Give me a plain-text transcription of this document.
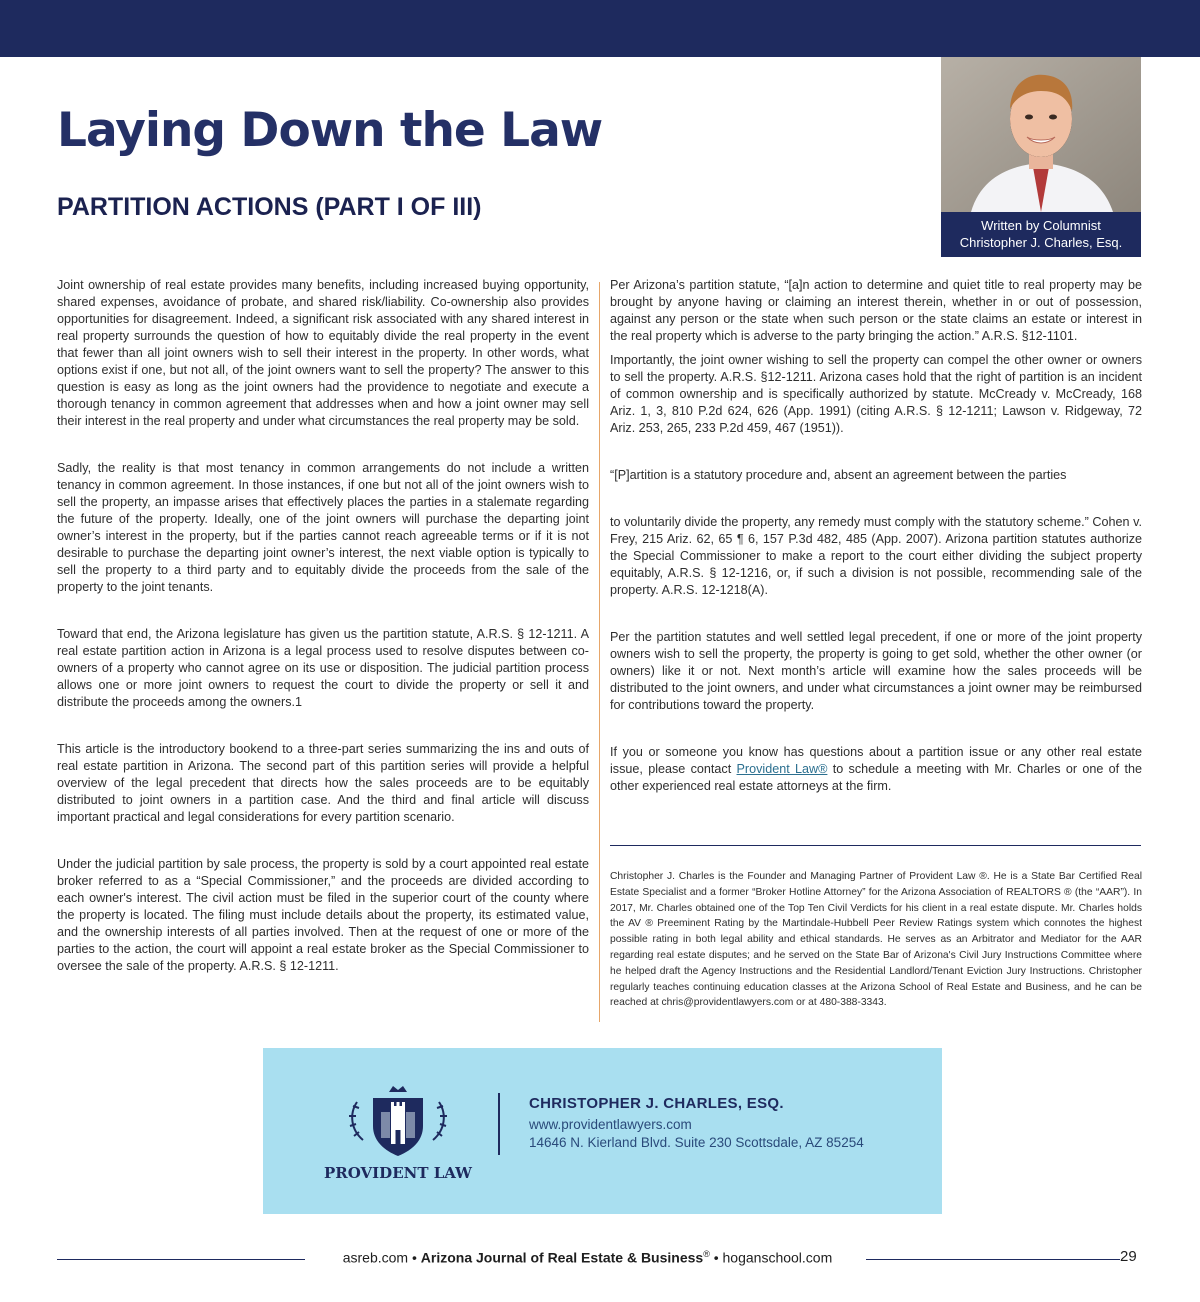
Laying Down the Law
PARTITION ACTIONS (PART I OF III)
Written by Columnist
Christopher J. Charles, Esq.

Joint ownership of real estate provides many benefits, including increased buying opportunity, shared expenses, avoidance of probate, and shared risk/liability. Co-ownership also provides opportunities for disagreement. Indeed, a significant risk associated with any shared interest in real property surrounds the question of how to equitably divide the real property in the event that fewer than all joint owners wish to sell their interest in the property. In other words, what options exist if one, but not all, of the joint owners want to sell the property? The answer to this question is easy as long as the joint owners had the providence to negotiate and execute a thorough tenancy in common agreement that addresses when and how a joint owner may sell their interest in the real property and under what circumstances the real property may be sold.

Sadly, the reality is that most tenancy in common arrangements do not include a written tenancy in common agreement. In those instances, if one but not all of the joint owners wish to sell the property, an impasse arises that effectively places the parties in a stalemate regarding the future of the property. Ideally, one of the joint owners will purchase the departing joint owner’s interest in the property, but if the parties cannot reach agreeable terms or if it is not desirable to purchase the departing joint owner’s interest, the next viable option is typically to sell the property to a third party and to equitably divide the proceeds from the sale of the property to the joint tenants.

Toward that end, the Arizona legislature has given us the partition statute, A.R.S. § 12-1211. A real estate partition action in Arizona is a legal process used to resolve disputes between co-owners of a property who cannot agree on its use or disposition. The judicial partition process allows one or more joint owners to request the court to divide the property or sell it and distribute the proceeds among the owners.1

This article is the introductory bookend to a three-part series summarizing the ins and outs of real estate partition in Arizona. The second part of this partition series will provide a helpful overview of the legal precedent that directs how the sales proceeds are to be equitably distributed to joint owners in a partition case. And the third and final article will discuss important practical and legal considerations for every partition scenario.

Under the judicial partition by sale process, the property is sold by a court appointed real estate broker referred to as a “Special Commissioner,” and the proceeds are divided according to each owner's interest. The civil action must be filed in the superior court of the county where the property is located. The filing must include details about the property, its estimated value, and the ownership interests of all parties involved. Then at the request of one or more of the parties to the action, the court will appoint a real estate broker as the Special Commissioner to oversee the sale of the property. A.R.S. § 12-1211.

Per Arizona’s partition statute, “[a]n action to determine and quiet title to real property may be brought by anyone having or claiming an interest therein, whether in or out of possession, against any person or the state when such person or the state claims an estate or interest in the real property which is adverse to the party bringing the action.” A.R.S. §12-1101.

Importantly, the joint owner wishing to sell the property can compel the other owner or owners to sell the property. A.R.S. §12-1211. Arizona cases hold that the right of partition is an incident of common ownership and is specifically authorized by statute. McCready v. McCready, 168 Ariz. 1, 3, 810 P.2d 624, 626 (App. 1991) (citing A.R.S. § 12-1211; Lawson v. Ridgeway, 72 Ariz. 253, 265, 233 P.2d 459, 467 (1951)).

“[P]artition is a statutory procedure and, absent an agreement between the parties

to voluntarily divide the property, any remedy must comply with the statutory scheme.” Cohen v. Frey, 215 Ariz. 62, 65 ¶ 6, 157 P.3d 482, 485 (App. 2007). Arizona partition statutes authorize the Special Commissioner to make a report to the court either dividing the subject property equitably, A.R.S. § 12-1216, or, if such a division is not possible, recommending sale of the property. A.R.S. 12-1218(A).

Per the partition statutes and well settled legal precedent, if one or more of the joint property owners wish to sell the property, the property is going to get sold, whether the other owner (or owners) like it or not. Next month’s article will examine how the sales proceeds will be distributed to the joint owners, and under what circumstances a joint owner may be reimbursed for contributions toward the property.

If you or someone you know has questions about a partition issue or any other real estate issue, please contact Provident Law® to schedule a meeting with Mr. Charles or one of the other experienced real estate attorneys at the firm.

Christopher J. Charles is the Founder and Managing Partner of Provident Law ®. He is a State Bar Certified Real Estate Specialist and a former “Broker Hotline Attorney” for the Arizona Association of REALTORS ® (the “AAR”). In 2017, Mr. Charles obtained one of the Top Ten Civil Verdicts for his client in a real estate dispute. Mr. Charles holds the AV ® Preeminent Rating by the Martindale-Hubbell Peer Review Ratings system which connotes the highest possible rating in both legal ability and ethical standards. He serves as an Arbitrator and Mediator for the AAR regarding real estate disputes; and he served on the State Bar of Arizona's Civil Jury Instructions Committee where he helped draft the Agency Instructions and the Residential Landlord/Tenant Eviction Jury Instructions. Christopher regularly teaches continuing education classes at the Arizona School of Real Estate and Business, and he can be reached at chris@providentlawyers.com or at 480-388-3343.

PROVIDENT LAW
CHRISTOPHER J. CHARLES, ESQ.
www.providentlawyers.com
14646 N. Kierland Blvd. Suite 230 Scottsdale, AZ 85254
asreb.com • Arizona Journal of Real Estate & Business® • hoganschool.com	29
